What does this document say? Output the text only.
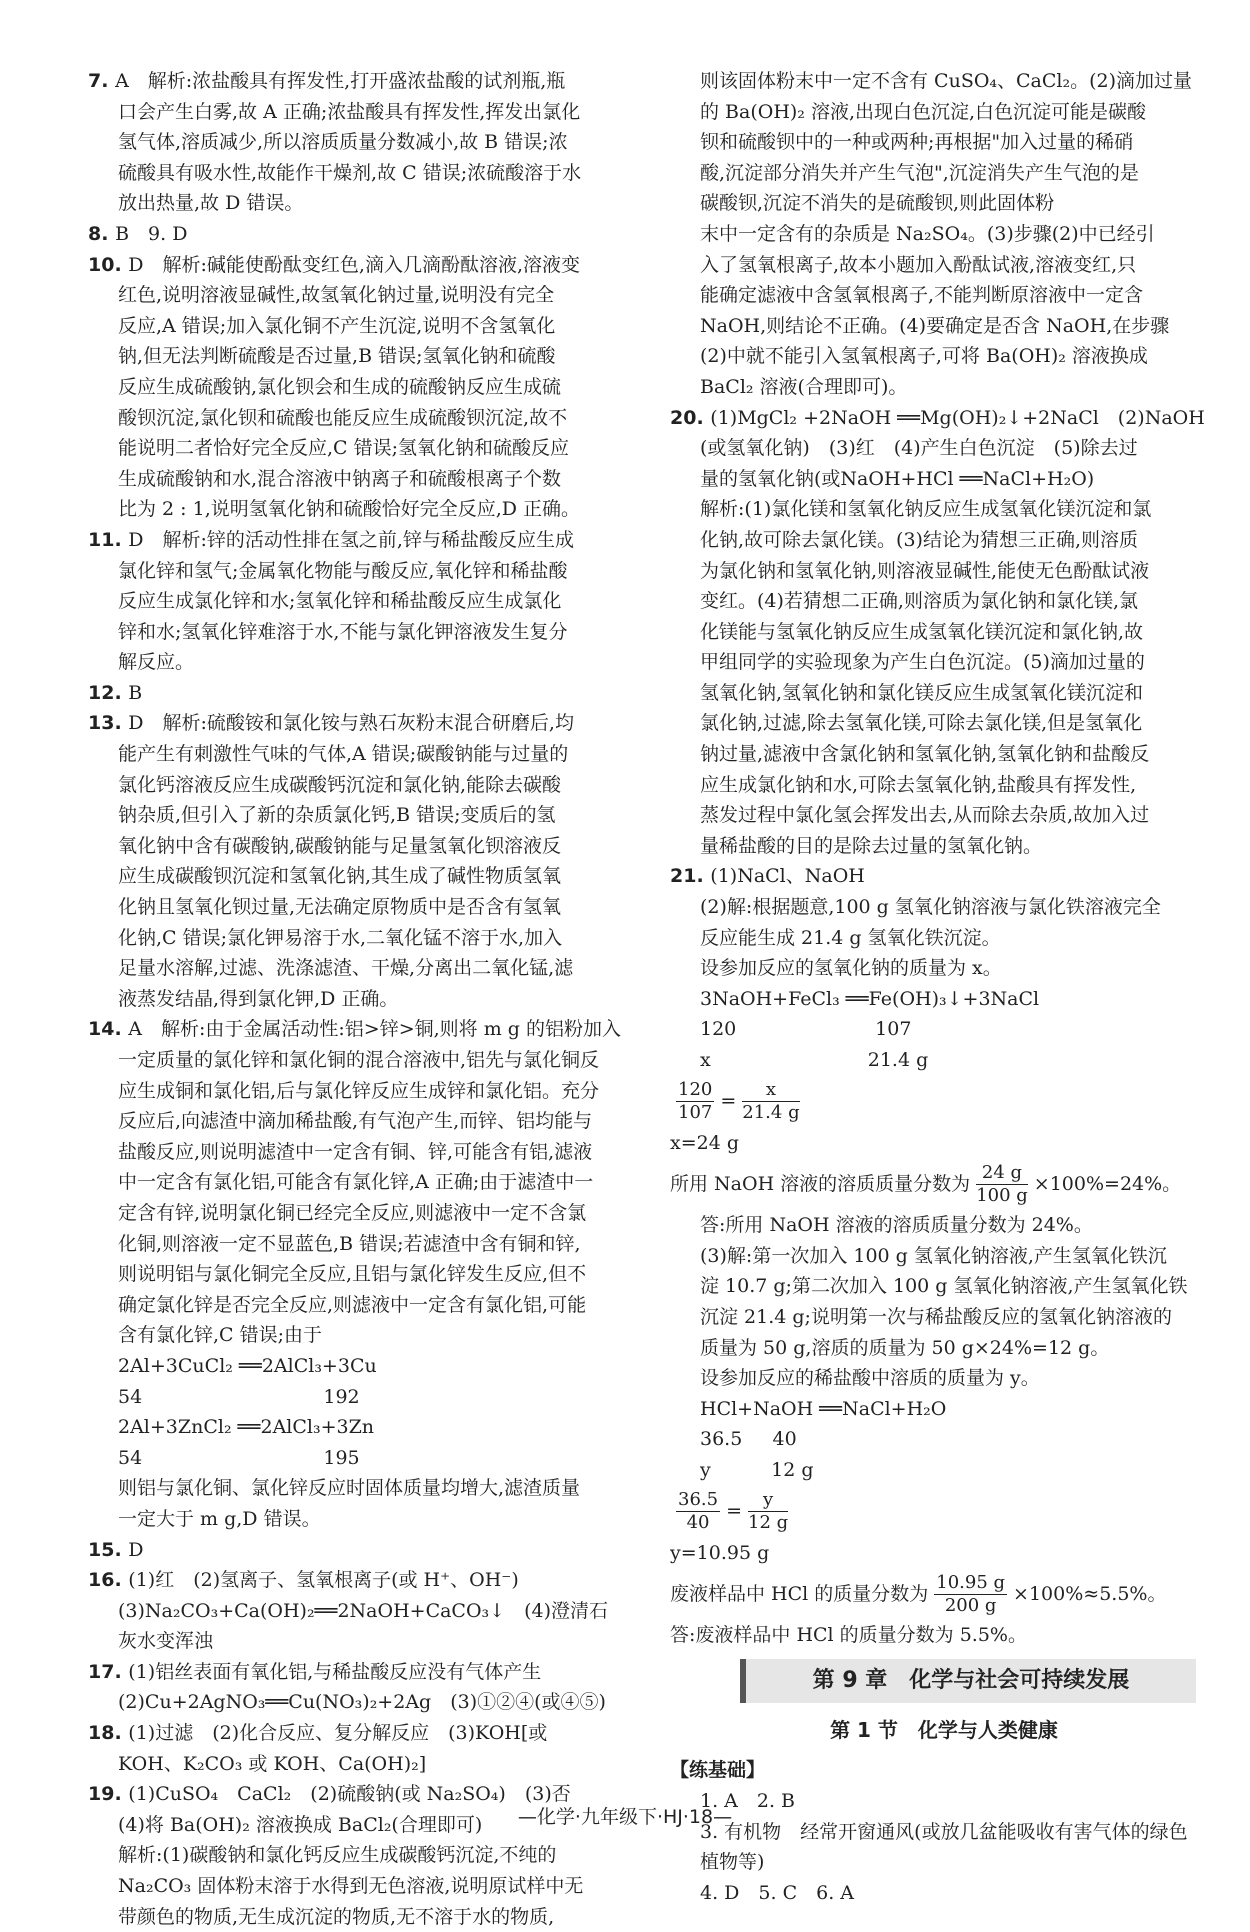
7. A　解析:浓盐酸具有挥发性,打开盛浓盐酸的试剂瓶,瓶
口会产生白雾,故 A 正确;浓盐酸具有挥发性,挥发出氯化
氢气体,溶质减少,所以溶质质量分数减小,故 B 错误;浓
硫酸具有吸水性,故能作干燥剂,故 C 错误;浓硫酸溶于水
放出热量,故 D 错误。
8. B　9. D
10. D　解析:碱能使酚酞变红色,滴入几滴酚酞溶液,溶液变
红色,说明溶液显碱性,故氢氧化钠过量,说明没有完全
反应,A 错误;加入氯化铜不产生沉淀,说明不含氢氧化
钠,但无法判断硫酸是否过量,B 错误;氢氧化钠和硫酸
反应生成硫酸钠,氯化钡会和生成的硫酸钠反应生成硫
酸钡沉淀,氯化钡和硫酸也能反应生成硫酸钡沉淀,故不
能说明二者恰好完全反应,C 错误;氢氧化钠和硫酸反应
生成硫酸钠和水,混合溶液中钠离子和硫酸根离子个数
比为 2 : 1,说明氢氧化钠和硫酸恰好完全反应,D 正确。
11. D　解析:锌的活动性排在氢之前,锌与稀盐酸反应生成
氯化锌和氢气;金属氧化物能与酸反应,氧化锌和稀盐酸
反应生成氯化锌和水;氢氧化锌和稀盐酸反应生成氯化
锌和水;氢氧化锌难溶于水,不能与氯化钾溶液发生复分
解反应。
12. B
13. D　解析:硫酸铵和氯化铵与熟石灰粉末混合研磨后,均
能产生有刺激性气味的气体,A 错误;碳酸钠能与过量的
氯化钙溶液反应生成碳酸钙沉淀和氯化钠,能除去碳酸
钠杂质,但引入了新的杂质氯化钙,B 错误;变质后的氢
氧化钠中含有碳酸钠,碳酸钠能与足量氢氧化钡溶液反
应生成碳酸钡沉淀和氢氧化钠,其生成了碱性物质氢氧
化钠且氢氧化钡过量,无法确定原物质中是否含有氢氧
化钠,C 错误;氯化钾易溶于水,二氧化锰不溶于水,加入
足量水溶解,过滤、洗涤滤渣、干燥,分离出二氧化锰,滤
液蒸发结晶,得到氯化钾,D 正确。
14. A　解析:由于金属活动性:铝>锌>铜,则将 m g 的铝粉加入
一定质量的氯化锌和氯化铜的混合溶液中,铝先与氯化铜反
应生成铜和氯化铝,后与氯化锌反应生成锌和氯化铝。充分
反应后,向滤渣中滴加稀盐酸,有气泡产生,而锌、铝均能与
盐酸反应,则说明滤渣中一定含有铜、锌,可能含有铝,滤液
中一定含有氯化铝,可能含有氯化锌,A 正确;由于滤渣中一
定含有锌,说明氯化铜已经完全反应,则滤液中一定不含氯
化铜,则溶液一定不显蓝色,B 错误;若滤渣中含有铜和锌,
则说明铝与氯化铜完全反应,且铝与氯化锌发生反应,但不
确定氯化锌是否完全反应,则滤液中一定含有氯化铝,可能
含有氯化锌,C 错误;由于
2Al+3CuCl₂ ══2AlCl₃+3Cu
54                              192
2Al+3ZnCl₂ ══2AlCl₃+3Zn
54                              195
则铝与氯化铜、氯化锌反应时固体质量均增大,滤渣质量
一定大于 m g,D 错误。
15. D
16. (1)红　(2)氢离子、氢氧根离子(或 H⁺、OH⁻)
(3)Na₂CO₃+Ca(OH)₂══2NaOH+CaCO₃↓　(4)澄清石
灰水变浑浊
17. (1)铝丝表面有氧化铝,与稀盐酸反应没有气体产生
(2)Cu+2AgNO₃══Cu(NO₃)₂+2Ag　(3)①②④(或④⑤)
18. (1)过滤　(2)化合反应、复分解反应　(3)KOH[或
KOH、K₂CO₃ 或 KOH、Ca(OH)₂]
19. (1)CuSO₄　CaCl₂　(2)硫酸钠(或 Na₂SO₄)　(3)否
(4)将 Ba(OH)₂ 溶液换成 BaCl₂(合理即可)
解析:(1)碳酸钠和氯化钙反应生成碳酸钙沉淀,不纯的
Na₂CO₃ 固体粉末溶于水得到无色溶液,说明原试样中无
带颜色的物质,无生成沉淀的物质,无不溶于水的物质,
则该固体粉末中一定不含有 CuSO₄、CaCl₂。(2)滴加过量
的 Ba(OH)₂ 溶液,出现白色沉淀,白色沉淀可能是碳酸
钡和硫酸钡中的一种或两种;再根据"加入过量的稀硝
酸,沉淀部分消失并产生气泡",沉淀消失产生气泡的是
碳酸钡,沉淀不消失的是硫酸钡,则此固体粉
末中一定含有的杂质是 Na₂SO₄。(3)步骤(2)中已经引
入了氢氧根离子,故本小题加入酚酞试液,溶液变红,只
能确定滤液中含氢氧根离子,不能判断原溶液中一定含
NaOH,则结论不正确。(4)要确定是否含 NaOH,在步骤
(2)中就不能引入氢氧根离子,可将 Ba(OH)₂ 溶液换成
BaCl₂ 溶液(合理即可)。
20. (1)MgCl₂ +2NaOH ══Mg(OH)₂↓+2NaCl　(2)NaOH
(或氢氧化钠)　(3)红　(4)产生白色沉淀　(5)除去过
量的氢氧化钠(或NaOH+HCl ══NaCl+H₂O)
解析:(1)氯化镁和氢氧化钠反应生成氢氧化镁沉淀和氯
化钠,故可除去氯化镁。(3)结论为猜想三正确,则溶质
为氯化钠和氢氧化钠,则溶液显碱性,能使无色酚酞试液
变红。(4)若猜想二正确,则溶质为氯化钠和氯化镁,氯
化镁能与氢氧化钠反应生成氢氧化镁沉淀和氯化钠,故
甲组同学的实验现象为产生白色沉淀。(5)滴加过量的
氢氧化钠,氢氧化钠和氯化镁反应生成氢氧化镁沉淀和
氯化钠,过滤,除去氢氧化镁,可除去氯化镁,但是氢氧化
钠过量,滤液中含氯化钠和氢氧化钠,氢氧化钠和盐酸反
应生成氯化钠和水,可除去氢氧化钠,盐酸具有挥发性,
蒸发过程中氯化氢会挥发出去,从而除去杂质,故加入过
量稀盐酸的目的是除去过量的氢氧化钠。
21. (1)NaCl、NaOH
(2)解:根据题意,100 g 氢氧化钠溶液与氯化铁溶液完全
反应能生成 21.4 g 氢氧化铁沉淀。
设参加反应的氢氧化钠的质量为 x。
3NaOH+FeCl₃ ══Fe(OH)₃↓+3NaCl
120                       107
x                          21.4 g
$\frac{120}{107} = \frac{x}{21.4 g}$
x=24 g
所用 NaOH 溶液的溶质质量分数为 $\frac{24 g}{100 g} \times 100\%=24\%$。
答:所用 NaOH 溶液的溶质质量分数为 24%。
(3)解:第一次加入 100 g 氢氧化钠溶液,产生氢氧化铁沉
淀 10.7 g;第二次加入 100 g 氢氧化钠溶液,产生氢氧化铁
沉淀 21.4 g;说明第一次与稀盐酸反应的氢氧化钠溶液的
质量为 50 g,溶质的质量为 50 g×24%=12 g。
设参加反应的稀盐酸中溶质的质量为 y。
HCl+NaOH ══NaCl+H₂O
36.5     40
y          12 g
$\frac{36.5}{40} = \frac{y}{12 g}$
y=10.95 g
废液样品中 HCl 的质量分数为 $\frac{10.95 g}{200 g} \times 100\%\approx 5.5\%$。
答:废液样品中 HCl 的质量分数为 5.5%。
第 9 章　化学与社会可持续发展
第 1 节　化学与人类健康
【练基础】
1. A　2. B
3. 有机物　经常开窗通风(或放几盆能吸收有害气体的绿色
植物等)
4. D　5. C　6. A
—化学·九年级下·HJ·18—
